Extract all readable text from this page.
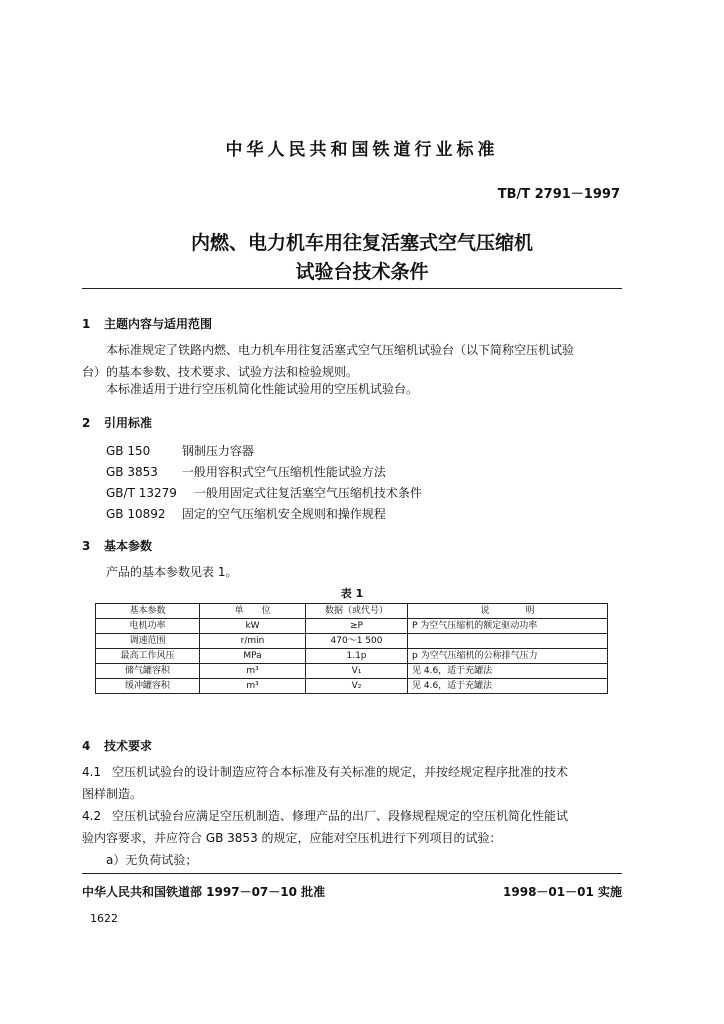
中华人民共和国铁道行业标准
TB/T 2791－1997
内燃、电力机车用往复活塞式空气压缩机
试验台技术条件
1 主题内容与适用范围
本标准规定了铁路内燃、电力机车用往复活塞式空气压缩机试验台（以下简称空压机试验
台）的基本参数、技术要求、试验方法和检验规则。
本标准适用于进行空压机简化性能试验用的空压机试验台。
2 引用标准
GB 150	钢制压力容器
GB 3853 一般用容积式空气压缩机性能试验方法
GB/T 13279 一般用固定式往复活塞空气压缩机技术条件
GB 10892 固定的空气压缩机安全规则和操作规程
3 基本参数
产品的基本参数见表 1。
表 1
基本参数	单　　位	数据（或代号）	说　　　　明
电机功率	kW	≥P	P 为空气压缩机的额定驱动功率
调速范围	r/min	470～1 500	
最高工作风压	MPa	1.1p	p 为空气压缩机的公称排气压力
储气罐容积	m³	V₁	见 4.6，适于充罐法
缓冲罐容积	m³	V₂	见 4.6，适于充罐法
4 技术要求
4.1 空压机试验台的设计制造应符合本标准及有关标准的规定，并按经规定程序批准的技术
图样制造。
4.2 空压机试验台应满足空压机制造、修理产品的出厂、段修规程规定的空压机简化性能试
验内容要求，并应符合 GB 3853 的规定，应能对空压机进行下列项目的试验：
a）无负荷试验；
中华人民共和国铁道部 1997－07－10 批准	1998－01－01 实施
1622
